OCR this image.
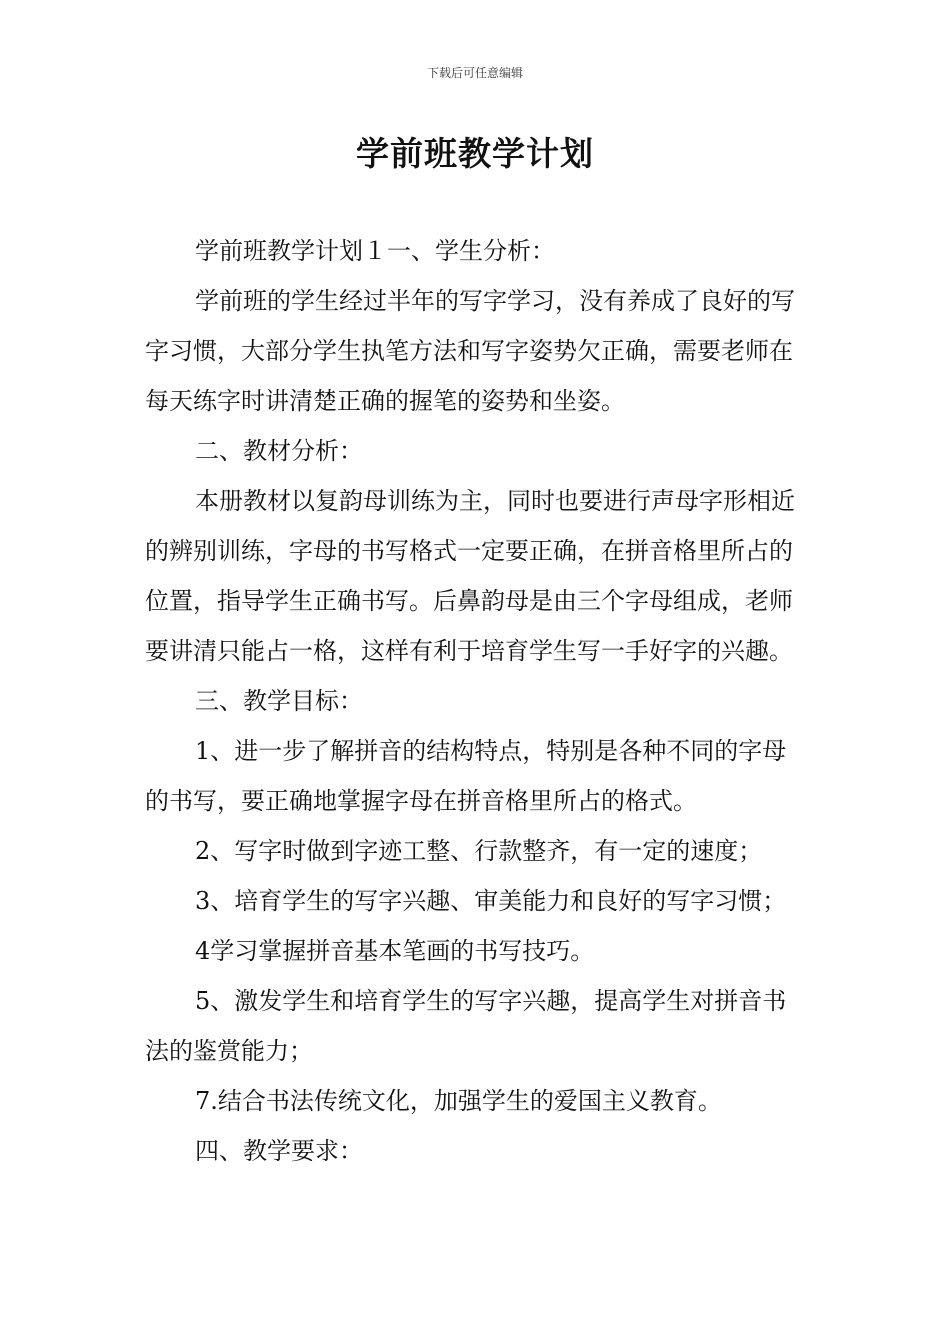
下载后可任意编辑
学前班教学计划

学前班教学计划１一、学生分析：

学前班的学生经过半年的写字学习，没有养成了良好的写字习惯，大部分学生执笔方法和写字姿势欠正确，需要老师在每天练字时讲清楚正确的握笔的姿势和坐姿。

二、教材分析：

本册教材以复韵母训练为主，同时也要进行声母字形相近的辨别训练，字母的书写格式一定要正确，在拼音格里所占的位置，指导学生正确书写。后鼻韵母是由三个字母组成，老师要讲清只能占一格，这样有利于培育学生写一手好字的兴趣。

三、教学目标：

1、进一步了解拼音的结构特点，特别是各种不同的字母的书写，要正确地掌握字母在拼音格里所占的格式。

2、写字时做到字迹工整、行款整齐，有一定的速度；

3、培育学生的写字兴趣、审美能力和良好的写字习惯；

4学习掌握拼音基本笔画的书写技巧。

5、激发学生和培育学生的写字兴趣，提高学生对拼音书法的鉴赏能力；

7.结合书法传统文化，加强学生的爱国主义教育。

四、教学要求：
